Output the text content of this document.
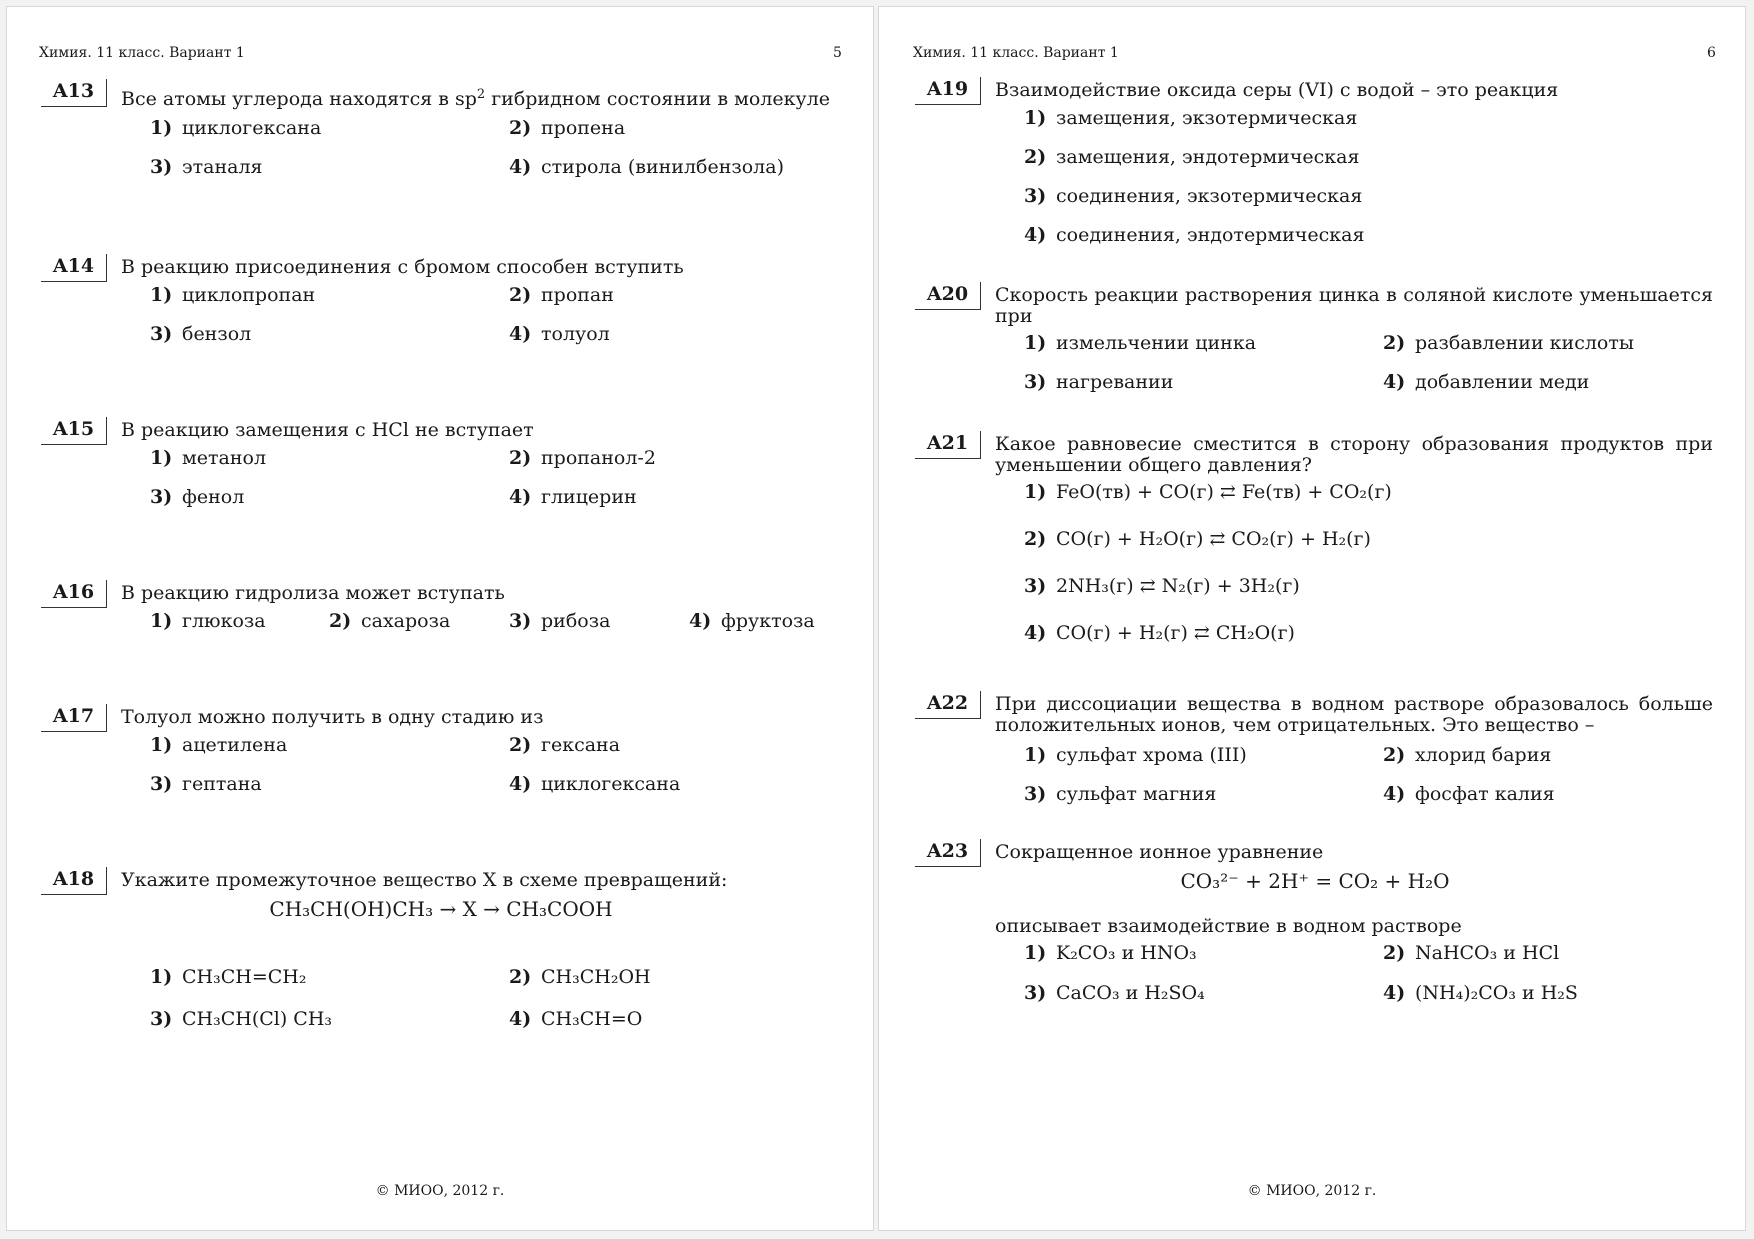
Химия. 11 класс. Вариант 1	5
A13	Все атомы углерода находятся в $sp^2$ гибридном состоянии в молекуле
1) циклогексана	2) пропена
3) этаналя	4) стирола (винилбензола)
A14	В реакцию присоединения с бромом способен вступить
1) циклопропан	2) пропан
3) бензол	4) толуол
A15	В реакцию замещения с HCl не вступает
1) метанол	2) пропанол-2
3) фенол	4) глицерин
A16	В реакцию гидролиза может вступать
1) глюкоза	2) сахароза	3) рибоза	4) фруктоза
A17	Толуол можно получить в одну стадию из
1) ацетилена	2) гексана
3) гептана	4) циклогексана
A18	Укажите промежуточное вещество X в схеме превращений:
CH₃CH(OH)CH₃ → X → CH₃COOH
1) CH₃CH=CH₂	2) CH₃CH₂OH
3) CH₃CH(Cl) CH₃	4) CH₃CH=O
© МИОО, 2012 г.
Химия. 11 класс. Вариант 1	6
A19	Взаимодействие оксида серы (VI) с водой – это реакция
1) замещения, экзотермическая
2) замещения, эндотермическая
3) соединения, экзотермическая
4) соединения, эндотермическая
A20	Скорость реакции растворения цинка в соляной кислоте уменьшается при
1) измельчении цинка	2) разбавлении кислоты
3) нагревании	4) добавлении меди
A21	Какое равновесие сместится в сторону образования продуктов при уменьшении общего давления?
1) FeO(тв) + CO(г) ⇄ Fe(тв) + CO₂(г)
2) CO(г) + H₂O(г) ⇄ CO₂(г) + H₂(г)
3) 2NH₃(г) ⇄ N₂(г) + 3H₂(г)
4) CO(г) + H₂(г) ⇄ CH₂O(г)
A22	При диссоциации вещества в водном растворе образовалось больше положительных ионов, чем отрицательных. Это вещество –
1) сульфат хрома (III)	2) хлорид бария
3) сульфат магния	4) фосфат калия
A23	Сокращенное ионное уравнение
CO₃²⁻ + 2H⁺ = CO₂ + H₂O
описывает взаимодействие в водном растворе
1) K₂CO₃ и HNO₃	2) NaHCO₃ и HCl
3) CaCO₃ и H₂SO₄	4) (NH₄)₂CO₃ и H₂S
© МИОО, 2012 г.
